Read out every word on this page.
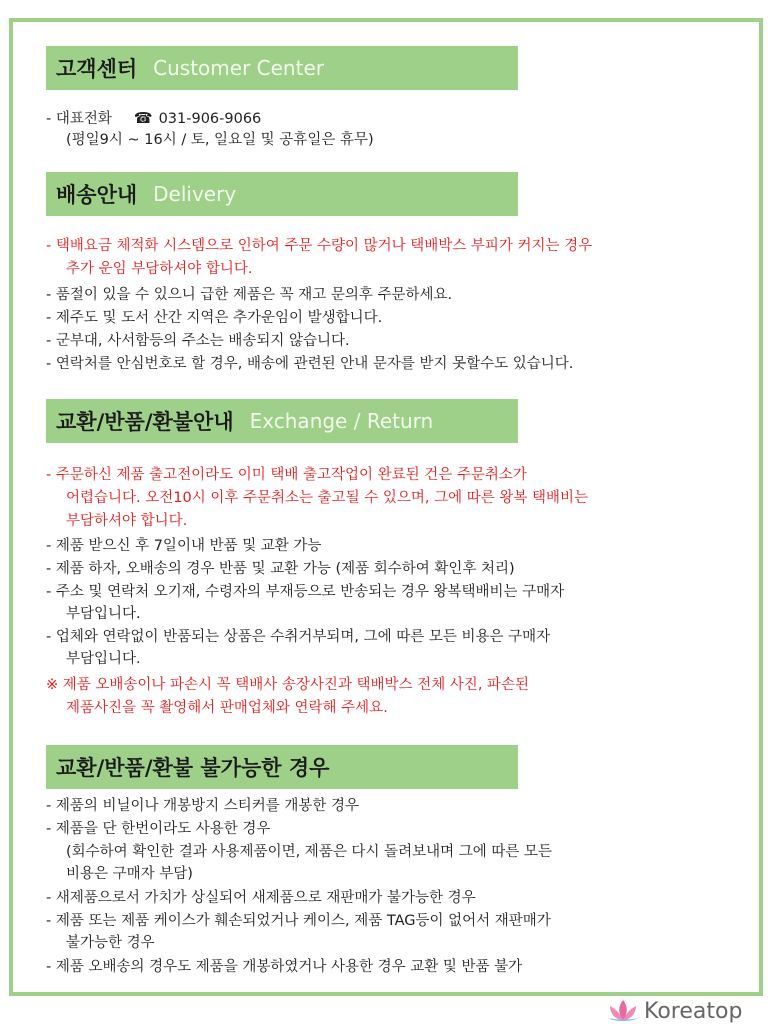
고객센터 Customer Center
- 대표전화 ☎ 031-906-9066
(평일9시 ~ 16시 / 토, 일요일 및 공휴일은 휴무)
배송안내 Delivery
- 택배요금 체적화 시스템으로 인하여 주문 수량이 많거나 택배박스 부피가 커지는 경우
추가 운임 부담하셔야 합니다.
- 품절이 있을 수 있으니 급한 제품은 꼭 재고 문의후 주문하세요.
- 제주도 및 도서 산간 지역은 추가운임이 발생합니다.
- 군부대, 사서함등의 주소는 배송되지 않습니다.
- 연락처를 안심번호로 할 경우, 배송에 관련된 안내 문자를 받지 못할수도 있습니다.
교환/반품/환불안내 Exchange / Return
- 주문하신 제품 출고전이라도 이미 택배 출고작업이 완료된 건은 주문취소가
어렵습니다. 오전10시 이후 주문취소는 출고될 수 있으며, 그에 따른 왕복 택배비는
부담하셔야 합니다.
- 제품 받으신 후 7일이내 반품 및 교환 가능
- 제품 하자, 오배송의 경우 반품 및 교환 가능 (제품 회수하여 확인후 처리)
- 주소 및 연락처 오기재, 수령자의 부재등으로 반송되는 경우 왕복택배비는 구매자
부담입니다.
- 업체와 연락없이 반품되는 상품은 수취거부되며, 그에 따른 모든 비용은 구매자
부담입니다.
※ 제품 오배송이나 파손시 꼭 택배사 송장사진과 택배박스 전체 사진, 파손된
제품사진을 꼭 촬영해서 판매업체와 연락해 주세요.
교환/반품/환불 불가능한 경우
- 제품의 비닐이나 개봉방지 스티커를 개봉한 경우
- 제품을 단 한번이라도 사용한 경우
(회수하여 확인한 결과 사용제품이면, 제품은 다시 돌려보내며 그에 따른 모든
비용은 구매자 부담)
- 새제품으로서 가치가 상실되어 새제품으로 재판매가 불가능한 경우
- 제품 또는 제품 케이스가 훼손되었거나 케이스, 제품 TAG등이 없어서 재판매가
불가능한 경우
- 제품 오배송의 경우도 제품을 개봉하였거나 사용한 경우 교환 및 반품 불가
Koreatop
